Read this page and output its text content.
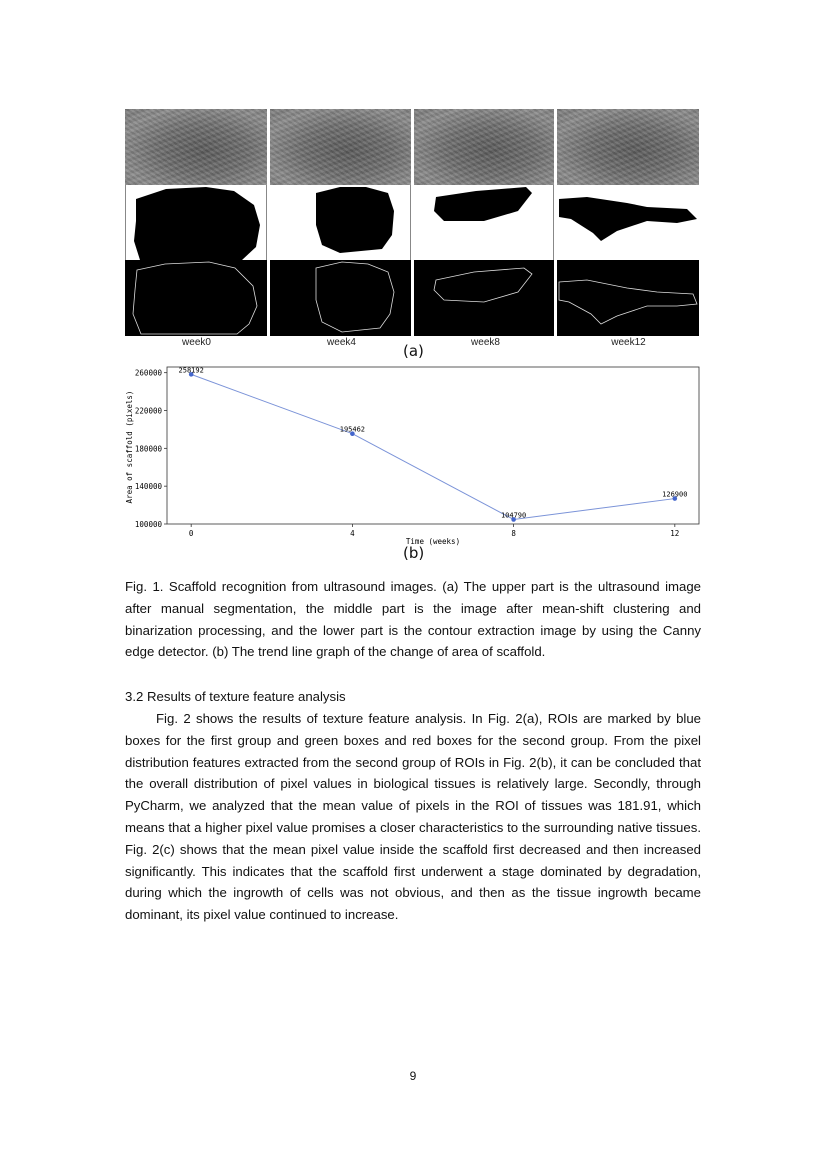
week0	week4	week8	week12
(a)
100000
140000
180000
220000
260000
0	4	8	12
258192
195462
104790
126900
Time (weeks)
Area of scaffold (pixels)
(b)
Fig. 1. Scaffold recognition from ultrasound images. (a) The upper part is the ultrasound image after manual segmentation, the middle part is the image after mean-shift clustering and binarization processing, and the lower part is the contour extraction image by using the Canny edge detector. (b) The trend line graph of the change of area of scaffold.
3.2 Results of texture feature analysis
Fig. 2 shows the results of texture feature analysis. In Fig. 2(a), ROIs are marked by blue boxes for the first group and green boxes and red boxes for the second group. From the pixel distribution features extracted from the second group of ROIs in Fig. 2(b), it can be concluded that the overall distribution of pixel values in biological tissues is relatively large. Secondly, through PyCharm, we analyzed that the mean value of pixels in the ROI of tissues was 181.91, which means that a higher pixel value promises a closer characteristics to the surrounding native tissues. Fig. 2(c) shows that the mean pixel value inside the scaffold first decreased and then increased significantly. This indicates that the scaffold first underwent a stage dominated by degradation, during which the ingrowth of cells was not obvious, and then as the tissue ingrowth became dominant, its pixel value continued to increase.
9
